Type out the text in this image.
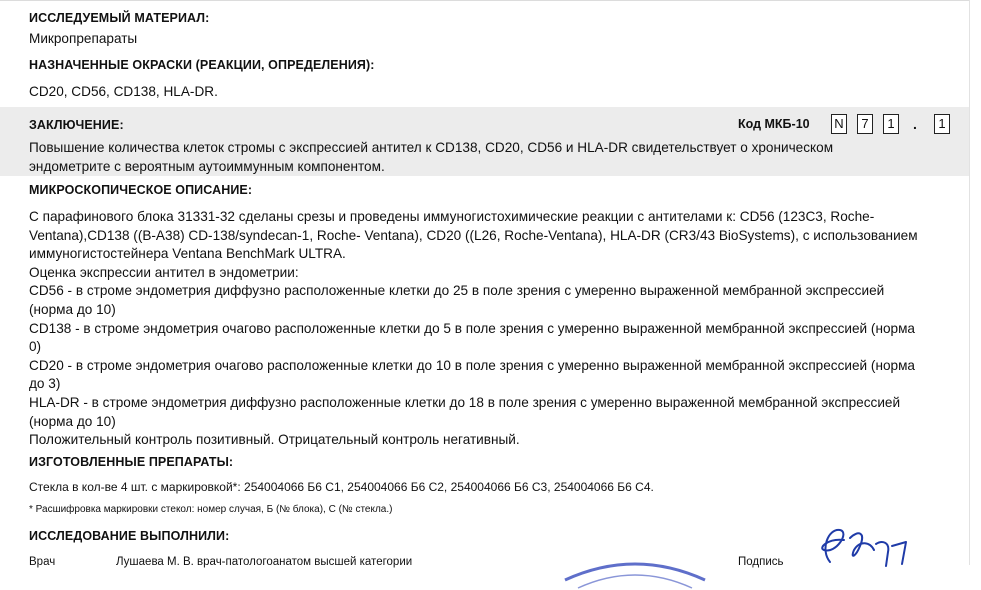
ИССЛЕДУЕМЫЙ МАТЕРИАЛ:
Микропрепараты
НАЗНАЧЕННЫЕ ОКРАСКИ (РЕАКЦИИ, ОПРЕДЕЛЕНИЯ):
CD20, CD56, CD138, HLA-DR.
ЗАКЛЮЧЕНИЕ:	Код МКБ-10 N	7	1	.	1
Повышение количества клеток стромы с экспрессией антител к CD138, CD20, CD56 и HLA-DR свидетельствует о хроническом эндометрите с вероятным аутоиммунным компонентом.
МИКРОСКОПИЧЕСКОЕ ОПИСАНИЕ:

С парафинового блока 31331-32 сделаны срезы и проведены иммуногистохимические реакции с антителами к: CD56 (123C3, Roche-Ventana),CD138 ((B-A38) CD-138/syndecan-1, Roche- Ventana), CD20 ((L26, Roche-Ventana), HLA-DR (CR3/43 BioSystems), с использованием иммуногистостейнера Ventana BenchMark ULTRA.

Оценка экспрессии антител в эндометрии:

CD56 - в строме эндометрия диффузно расположенные клетки до 25 в поле зрения с умеренно выраженной мембранной экспрессией (норма до 10)

CD138 - в строме эндометрия очагово расположенные клетки до 5 в поле зрения с умеренно выраженной мембранной экспрессией (норма 0)

CD20 - в строме эндометрия очагово расположенные клетки до 10 в поле зрения с умеренно выраженной мембранной экспрессией (норма до 3)

HLA-DR - в строме эндометрия диффузно расположенные клетки до 18 в поле зрения с умеренно выраженной мембранной экспрессией (норма до 10)

Положительный контроль позитивный. Отрицательный контроль негативный.

ИЗГОТОВЛЕННЫЕ ПРЕПАРАТЫ:
Стекла в кол-ве 4 шт. с маркировкой*: 254004066 Б6 С1, 254004066 Б6 С2, 254004066 Б6 С3, 254004066 Б6 С4.
* Расшифровка маркировки стекол: номер случая, Б (№ блока), С (№ стекла.)
ИССЛЕДОВАНИЕ ВЫПОЛНИЛИ:
Врач	Лушаева М. В. врач-патологоанатом высшей категории	Подпись
